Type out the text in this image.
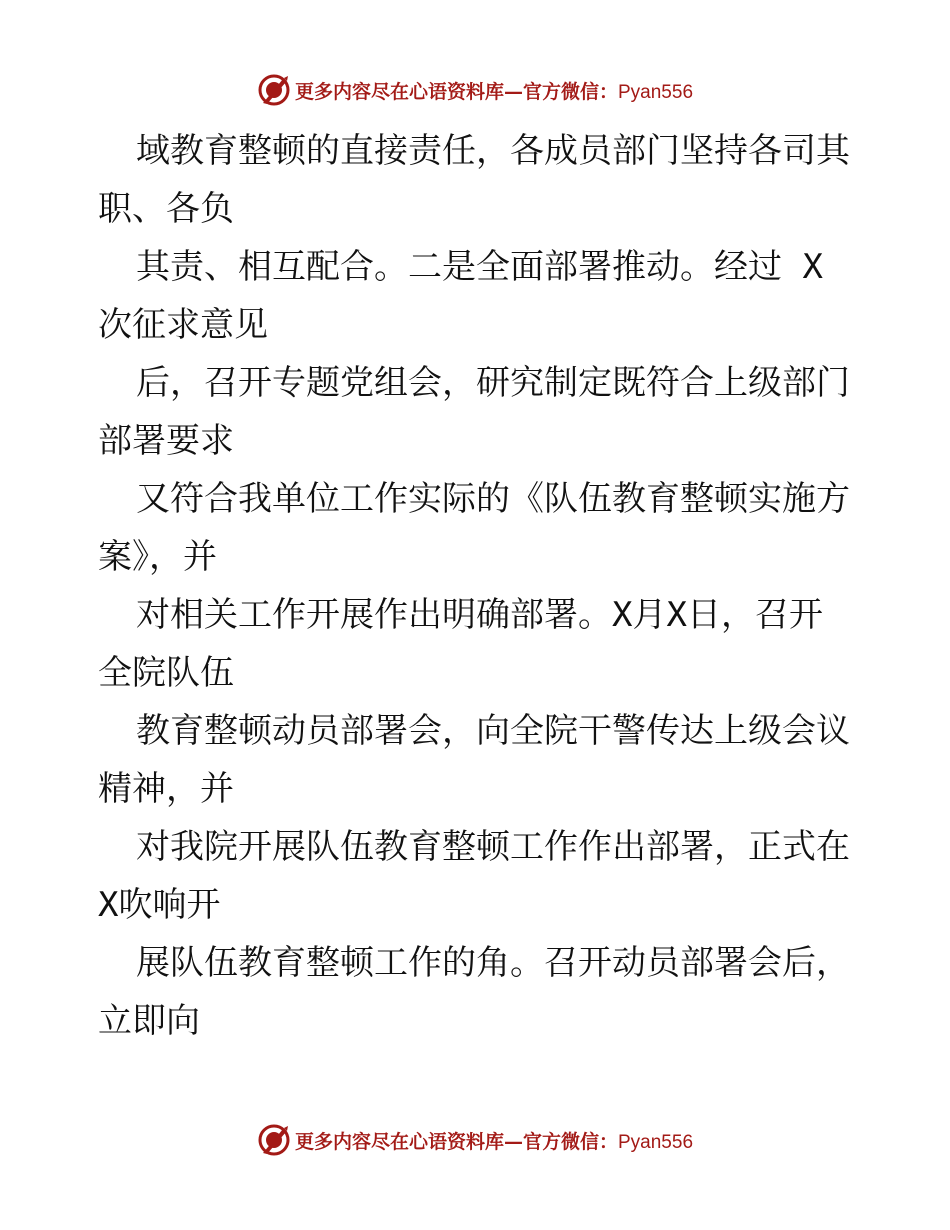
更多内容尽在心语资料库—官方微信：Pyan556
域教育整顿的直接责任，各成员部门坚持各司其
职、各负
其责、相互配合。二是全面部署推动。经过 X
次征求意见
后，召开专题党组会，研究制定既符合上级部门
部署要求
又符合我单位工作实际的《队伍教育整顿实施方
案》，并
对相关工作开展作出明确部署。X月X日，召开
全院队伍
教育整顿动员部署会，向全院干警传达上级会议
精神，并
对我院开展队伍教育整顿工作作出部署，正式在
X吹响开
展队伍教育整顿工作的角。召开动员部署会后，
立即向
更多内容尽在心语资料库—官方微信：Pyan556
